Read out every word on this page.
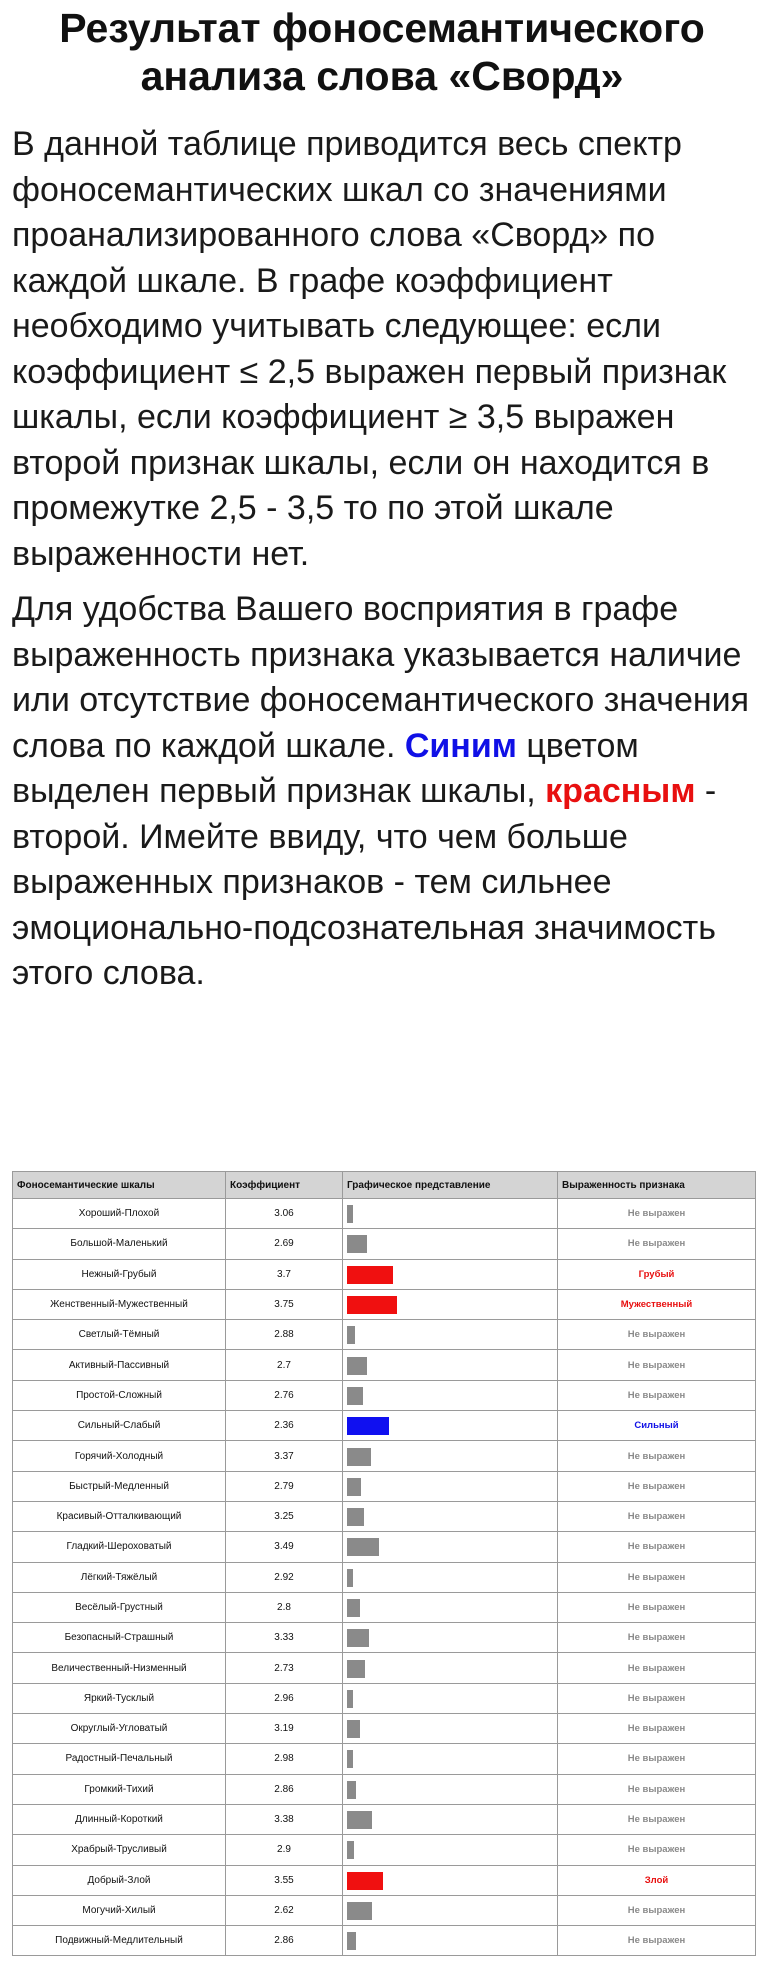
Результат фоносемантического анализа слова «Сворд»

В данной таблице приводится весь спектр фоносемантических шкал со значениями проанализированного слова «Сворд» по каждой шкале. В графе коэффициент необходимо учитывать следующее: если коэффициент ≤ 2,5 выражен первый признак шкалы, если коэффициент ≥ 3,5 выражен второй признак шкалы, если он находится в промежутке 2,5 - 3,5 то по этой шкале выраженности нет.

Для удобства Вашего восприятия в графе выраженность признака указывается наличие или отсутствие фоносемантического значения слова по каждой шкале. Синим цветом выделен первый признак шкалы, красным - второй. Имейте ввиду, что чем больше выраженных признаков - тем сильнее эмоционально-подсознательная значимость этого слова.

Фоносемантические шкалы	Коэффициент	Графическое представление	Выраженность признака
Хороший-Плохой	3.06		Не выражен
Большой-Маленький	2.69		Не выражен
Нежный-Грубый	3.7		Грубый
Женственный-Мужественный	3.75		Мужественный
Светлый-Тёмный	2.88		Не выражен
Активный-Пассивный	2.7		Не выражен
Простой-Сложный	2.76		Не выражен
Сильный-Слабый	2.36		Сильный
Горячий-Холодный	3.37		Не выражен
Быстрый-Медленный	2.79		Не выражен
Красивый-Отталкивающий	3.25		Не выражен
Гладкий-Шероховатый	3.49		Не выражен
Лёгкий-Тяжёлый	2.92		Не выражен
Весёлый-Грустный	2.8		Не выражен
Безопасный-Страшный	3.33		Не выражен
Величественный-Низменный	2.73		Не выражен
Яркий-Тусклый	2.96		Не выражен
Округлый-Угловатый	3.19		Не выражен
Радостный-Печальный	2.98		Не выражен
Громкий-Тихий	2.86		Не выражен
Длинный-Короткий	3.38		Не выражен
Храбрый-Трусливый	2.9		Не выражен
Добрый-Злой	3.55		Злой
Могучий-Хилый	2.62		Не выражен
Подвижный-Медлительный	2.86		Не выражен
